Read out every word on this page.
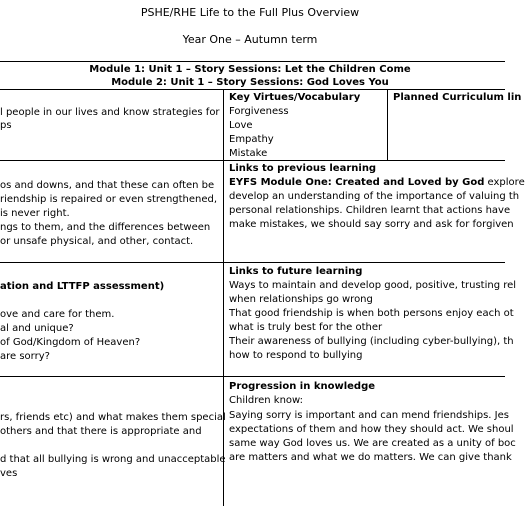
PSHE/RHE Life to the Full Plus Overview
Year One – Autumn term
Module 1: Unit 1 – Story Sessions: Let the Children Come
Module 2: Unit 1 – Story Sessions: God Loves You
l people in our lives and know strategies for
ps
Key Virtues/Vocabulary
Forgiveness
Love
Empathy
Mistake
Planned Curriculum lin
os and downs, and that these can often be
riendship is repaired or even strengthened,
is never right.
ngs to them, and the differences between
or unsafe physical, and other, contact.
Links to previous learning
EYFS Module One: Created and Loved by God explore
develop an understanding of the importance of valuing th
personal relationships. Children learnt that actions have
make mistakes, we should say sorry and ask for forgiven
ation and LTTFP assessment)
ove and care for them.
al and unique?
of God/Kingdom of Heaven?
are sorry?
Links to future learning
Ways to maintain and develop good, positive, trusting rel
when relationships go wrong
That good friendship is when both persons enjoy each ot
what is truly best for the other
Their awareness of bullying (including cyber-bullying), th
how to respond to bullying
rs, friends etc) and what makes them special
others and that there is appropriate and
d that all bullying is wrong and unacceptable
ves
Progression in knowledge
Children know:
Saying sorry is important and can mend friendships. Jes
expectations of them and how they should act. We shoul
same way God loves us. We are created as a unity of boc
are matters and what we do matters. We can give thank
